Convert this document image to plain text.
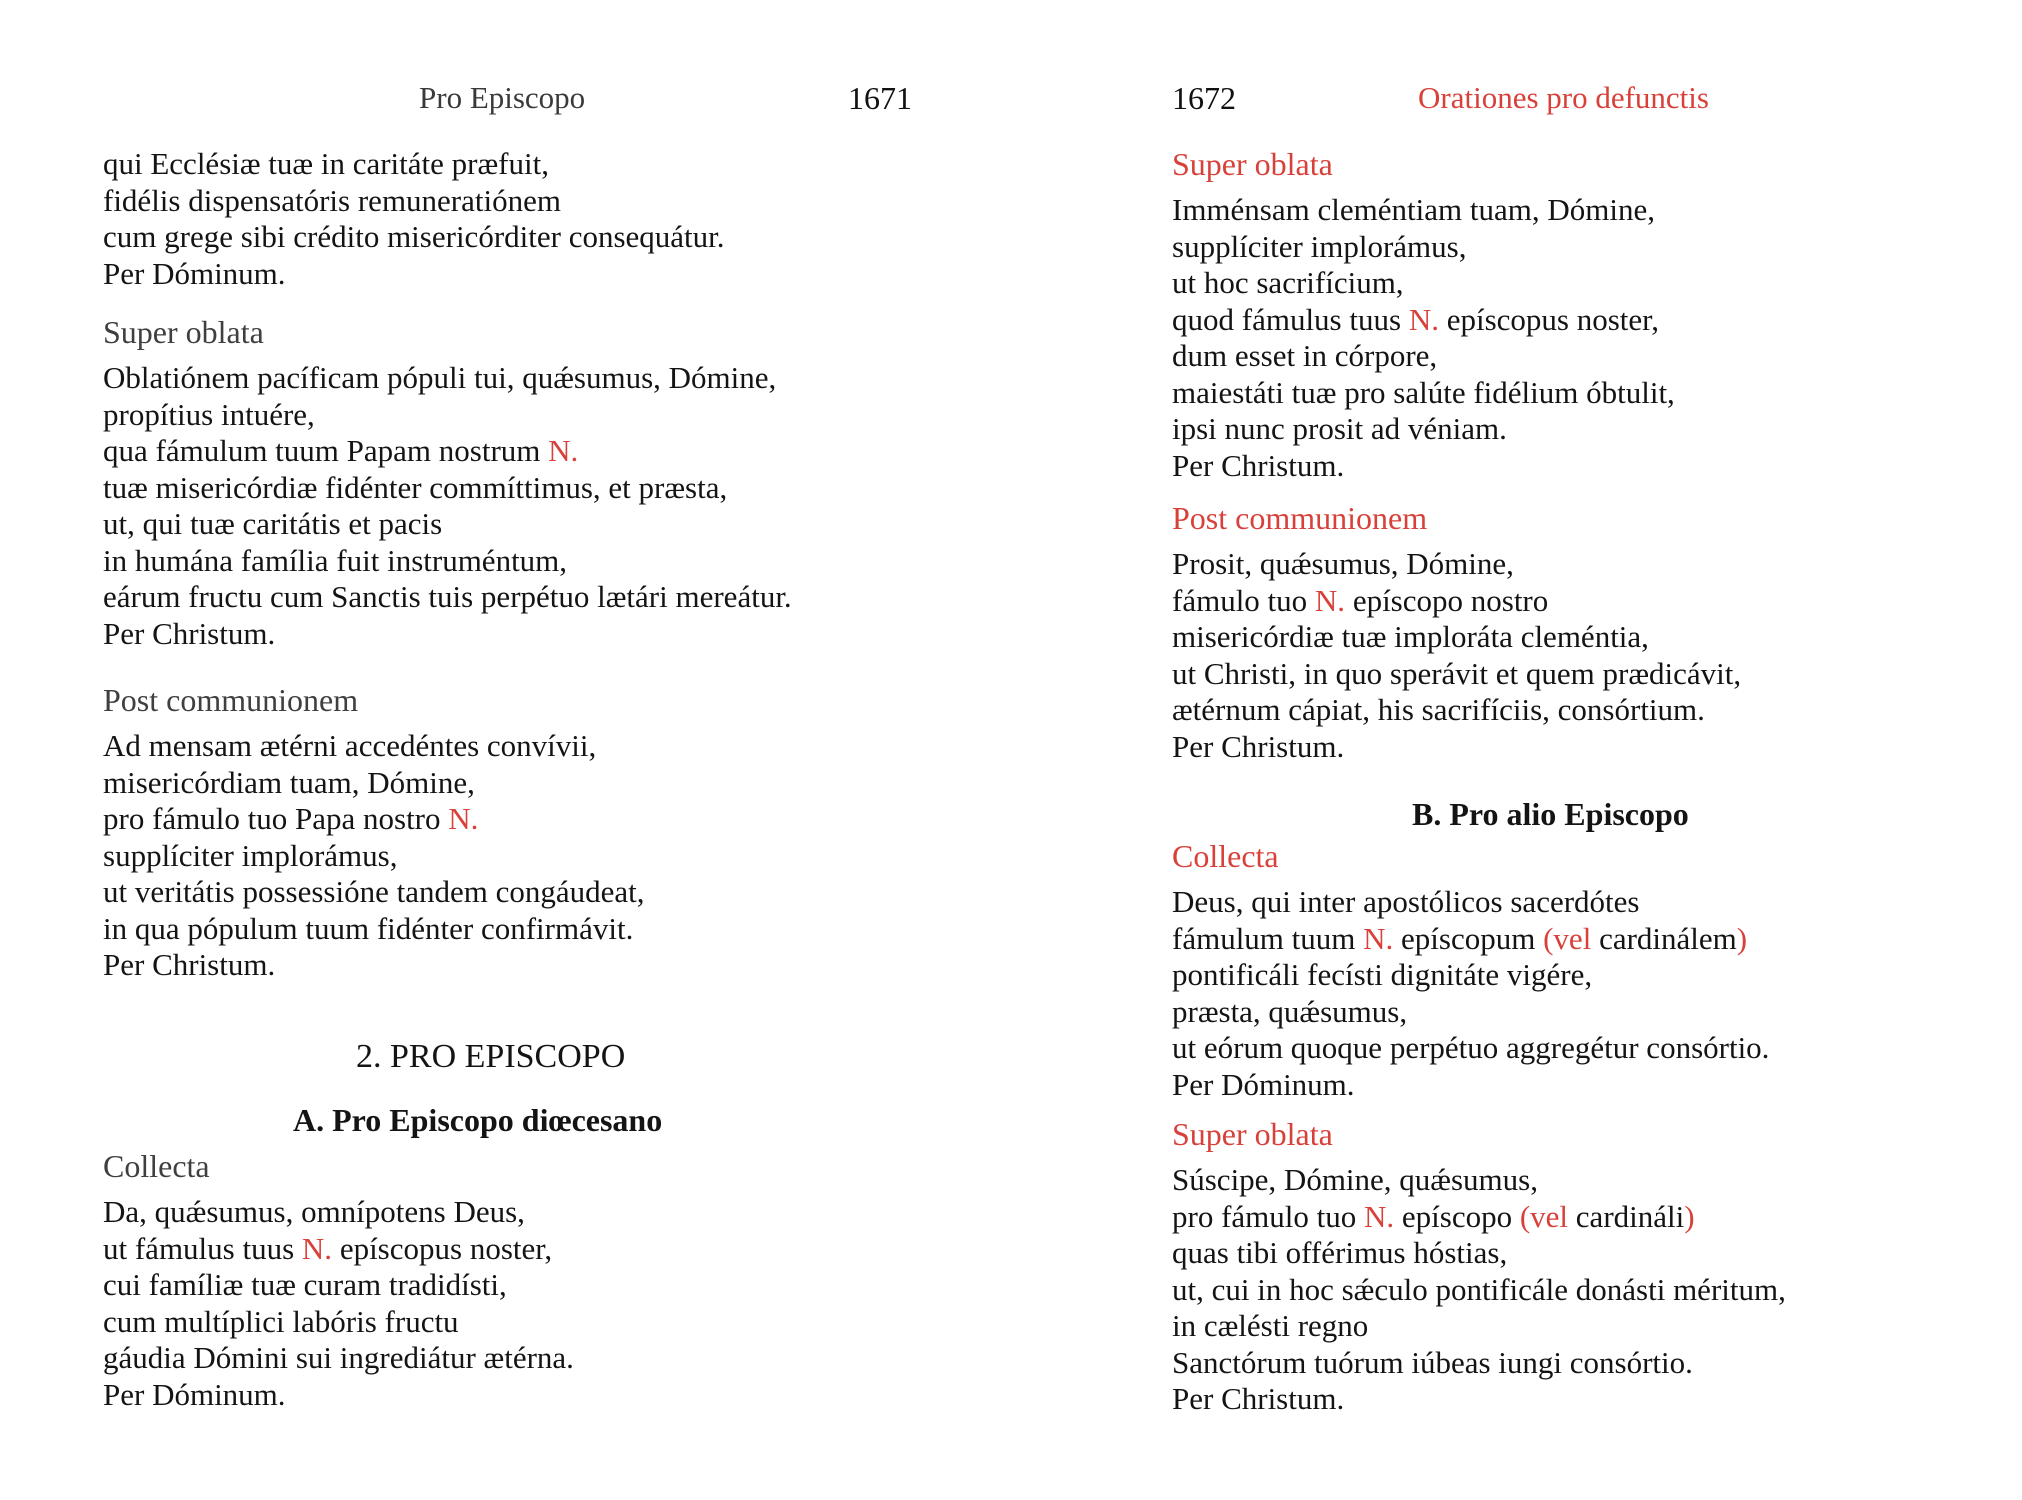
Pro Episcopo	1671
qui Ecclésiæ tuæ in caritáte præfuit,
fidélis dispensatóris remuneratiónem
cum grege sibi crédito misericórditer consequátur.
Per Dóminum.
Super oblata
Oblatiónem pacíficam pópuli tui, quǽsumus, Dómine,
propítius intuére,
qua fámulum tuum Papam nostrum N.
tuæ misericórdiæ fidénter commíttimus, et præsta,
ut, qui tuæ caritátis et pacis
in humána família fuit instruméntum,
eárum fructu cum Sanctis tuis perpétuo lætári mereátur.
Per Christum.
Post communionem
Ad mensam ætérni accedéntes convívii,
misericórdiam tuam, Dómine,
pro fámulo tuo Papa nostro N.
supplíciter implorámus,
ut veritátis possessióne tandem congáudeat,
in qua pópulum tuum fidénter confirmávit.
Per Christum.
2. PRO EPISCOPO
A. Pro Episcopo diœcesano
Collecta
Da, quǽsumus, omnípotens Deus,
ut fámulus tuus N. epíscopus noster,
cui famíliæ tuæ curam tradidísti,
cum multíplici labóris fructu
gáudia Dómini sui ingrediátur ætérna.
Per Dóminum.
1672	Orationes pro defunctis
Super oblata
Imménsam cleméntiam tuam, Dómine,
supplíciter implorámus,
ut hoc sacrifícium,
quod fámulus tuus N. epíscopus noster,
dum esset in córpore,
maiestáti tuæ pro salúte fidélium óbtulit,
ipsi nunc prosit ad véniam.
Per Christum.
Post communionem
Prosit, quǽsumus, Dómine,
fámulo tuo N. epíscopo nostro
misericórdiæ tuæ imploráta cleméntia,
ut Christi, in quo sperávit et quem prædicávit,
ætérnum cápiat, his sacrifíciis, consórtium.
Per Christum.
B. Pro alio Episcopo
Collecta
Deus, qui inter apostólicos sacerdótes
fámulum tuum N. epíscopum (vel cardinálem)
pontificáli fecísti dignitáte vigére,
præsta, quǽsumus,
ut eórum quoque perpétuo aggregétur consórtio.
Per Dóminum.
Super oblata
Súscipe, Dómine, quǽsumus,
pro fámulo tuo N. epíscopo (vel cardináli)
quas tibi offérimus hóstias,
ut, cui in hoc sǽculo pontificále donásti méritum,
in cælésti regno
Sanctórum tuórum iúbeas iungi consórtio.
Per Christum.
